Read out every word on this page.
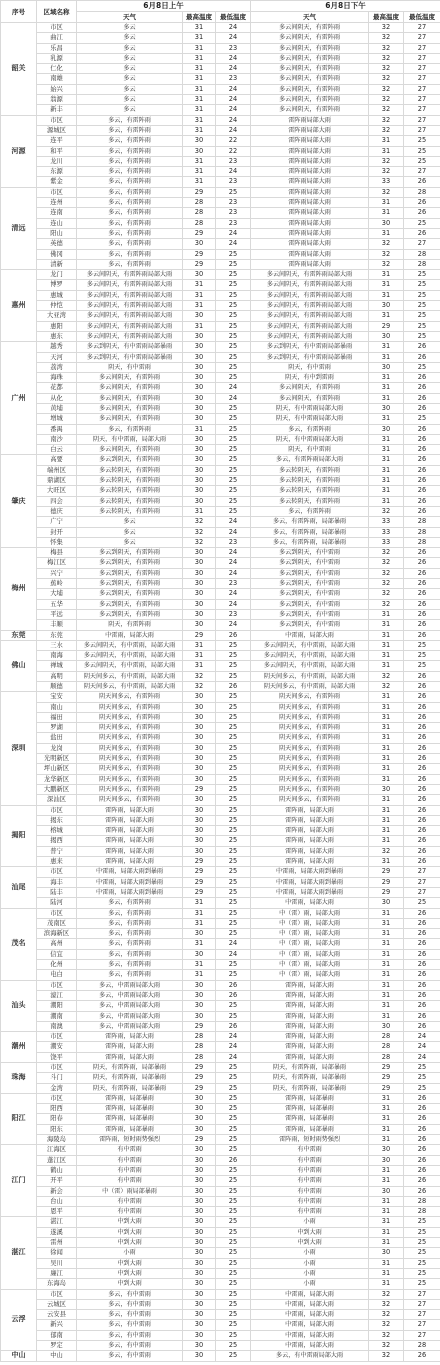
序号	区域名称	6月8日上午			6月8日下午		
		天气	最高温度	最低温度	天气	最高温度	最低温度
韶关	市区	多云	31	24	多云间阴天，有雷阵雨	32	27
	曲江	多云	31	24	多云间阴天，有雷阵雨	32	27
	乐昌	多云	31	23	多云间阴天，有雷阵雨	32	27
	乳源	多云	31	24	多云间阴天，有雷阵雨	32	27
	仁化	多云	31	24	多云间阴天，有雷阵雨	32	27
	南雄	多云	31	23	多云间阴天，有雷阵雨	32	27
	始兴	多云	31	24	多云间阴天，有雷阵雨	32	27
	翁源	多云	31	24	多云间阴天，有雷阵雨	32	27
	新丰	多云	31	24	多云间阴天，有雷阵雨	32	27
河源	市区	多云，有雷阵雨	31	24	雷阵雨局部大雨	32	27
	源城区	多云，有雷阵雨	31	24	雷阵雨局部大雨	32	27
	连平	多云，有雷阵雨	30	22	雷阵雨局部大雨	31	25
	和平	多云，有雷阵雨	30	22	雷阵雨局部大雨	31	25
	龙川	多云，有雷阵雨	31	23	雷阵雨局部大雨	32	25
	东源	多云，有雷阵雨	31	24	雷阵雨局部大雨	32	27
	紫金	多云，有雷阵雨	31	23	雷阵雨局部大雨	33	26
清远	市区	多云，有雷阵雨	29	25	雷阵雨局部大雨	32	28
	连州	多云，有雷阵雨	28	23	雷阵雨局部大雨	31	26
	连南	多云，有雷阵雨	28	23	雷阵雨局部大雨	31	26
	连山	多云，有雷阵雨	28	23	雷阵雨局部大雨	30	25
	阳山	多云，有雷阵雨	29	24	雷阵雨局部大雨	31	26
	英德	多云，有雷阵雨	30	24	雷阵雨局部大雨	32	27
	佛冈	多云，有雷阵雨	29	25	雷阵雨局部大雨	32	28
	清新	多云，有雷阵雨	29	25	雷阵雨局部大雨	32	28
惠州	龙门	多云间阴天，有雷阵雨局部大雨	30	25	多云间阴天，有雷阵雨局部大雨	31	25
	博罗	多云间阴天，有雷阵雨局部大雨	31	25	多云间阴天，有雷阵雨局部大雨	31	25
	惠城	多云间阴天，有雷阵雨局部大雨	31	25	多云间阴天，有雷阵雨局部大雨	31	25
	仲恺	多云间阴天，有雷阵雨局部大雨	31	25	多云间阴天，有雷阵雨局部大雨	30	25
	大亚湾	多云间阴天，有雷阵雨局部大雨	30	25	多云间阴天，有雷阵雨局部大雨	31	25
	惠阳	多云间阴天，有雷阵雨局部大雨	31	25	多云间阴天，有雷阵雨局部大雨	29	25
	惠东	多云间阴天，有雷阵雨局部大雨	30	25	多云间阴天，有雷阵雨局部大雨	30	25
广州	越秀	多云到阴天，有中雷雨局部暴雨	30	25	多云到阴天，有中雷雨局部暴雨	31	26
	天河	多云到阴天，有中雷雨局部暴雨	30	25	多云到阴天，有中雷雨局部暴雨	31	26
	荔湾	阴天，有中雷雨	30	25	阴天，有中雷雨	30	25
	海珠	多云间阴天，有雷阵雨	30	25	阴天，有中到雷雨	31	26
	花都	多云间阴天，有雷阵雨	30	24	多云间阴天，有雷阵雨	31	26
	从化	多云间阴天，有雷阵雨	30	24	多云间阴天，有雷阵雨	31	26
	黄埔	多云间阴天，有雷阵雨	30	25	阴天，有中雷雨局部大雨	30	26
	增城	多云间阴天，有雷阵雨	30	25	阴天，有中雷雨局部大雨	31	25
	番禺	多云，有雷阵雨	31	25	多云，有雷阵雨	30	26
	南沙	阴天，有中雷雨，局部大雨	30	25	阴天，有中雷雨局部大雨	31	26
	白云	多云间阴天，有雷阵雨	30	25	阴天，有中雷雨	31	26
肇庆	高要	多云到阴天，有雷阵雨	30	25	多云，有雷阵雨局部大雨	31	26
	端州区	多云转阴天，有雷阵雨	30	25	多云转阴天，有雷阵雨	31	26
	鼎湖区	多云转阴天，有雷阵雨	30	25	多云转阴天，有雷阵雨	31	26
	大旺区	多云转阴天，有雷阵雨	30	25	多云转阴天，有雷阵雨	31	26
	四会	多云转阴天，有雷阵雨	30	25	多云转阴天，有雷阵雨	31	26
	德庆	多云转阴天，有雷阵雨	31	25	多云，有雷阵雨	32	26
	广宁	多云	32	24	多云，有雷阵雨，局部暴雨	33	28
	封开	多云	32	24	多云，有雷阵雨，局部暴雨	33	28
	怀集	多云	32	23	多云，有雷阵雨，局部暴雨	33	28
梅州	梅县	多云到阴天，有雷阵雨	30	24	多云到阴天，有中雷雨	32	26
	梅江区	多云到阴天，有雷阵雨	30	24	多云到阴天，有中雷雨	32	26
	兴宁	多云到阴天，有雷阵雨	30	24	多云到阴天，有中雷雨	32	26
	蕉岭	多云到阴天，有雷阵雨	30	23	多云到阴天，有中雷雨	32	26
	大埔	多云到阴天，有雷阵雨	30	24	多云到阴天，有中雷雨	32	26
	五华	多云到阴天，有雷阵雨	30	24	多云到阴天，有中雷雨	32	26
	平远	多云到阴天，有雷阵雨	30	23	多云到阴天，有中雷雨	31	26
	丰顺	阴天，有雷阵雨	30	24	多云到阴天，有中雷雨	31	26
东莞	东莞	中雷雨，局部大雨	29	26	中雷雨，局部大雨	31	26
佛山	三水	多云间阴天，有中雷雨，局部大雨	31	25	多云间阴天，有中雷雨，局部大雨	31	25
	南海	多云间阴天，有中雷雨，局部大雨	31	25	多云间阴天，有中雷雨，局部大雨	31	25
	禅城	多云间阴天，有中雷雨，局部大雨	31	25	多云间阴天，有中雷雨，局部大雨	31	25
	高明	阴天间多云，有中雷雨，局部大雨	32	25	阴天间多云，有中雷雨，局部大雨	32	26
	顺德	阴天间多云，有中雷雨，局部大雨	32	26	阴天间多云，有中雷雨，局部大雨	32	26
深圳	宝安	阴天间多云，有雷阵雨	30	25	阴天间多云，有雷阵雨	31	26
	南山	阴天间多云，有雷阵雨	30	25	阴天间多云，有雷阵雨	31	26
	福田	阴天间多云，有雷阵雨	30	25	阴天间多云，有雷阵雨	31	26
	罗湖	阴天间多云，有雷阵雨	30	25	阴天间多云，有雷阵雨	31	26
	盐田	阴天间多云，有雷阵雨	30	25	阴天间多云，有雷阵雨	31	26
	龙岗	阴天间多云，有雷阵雨	30	25	阴天间多云，有雷阵雨	31	26
	光明新区	阴天间多云，有雷阵雨	30	25	阴天间多云，有雷阵雨	31	26
	坪山新区	阴天间多云，有雷阵雨	30	25	阴天间多云，有雷阵雨	31	26
	龙华新区	阴天间多云，有雷阵雨	30	25	阴天间多云，有雷阵雨	31	26
	大鹏新区	阴天间多云，有雷阵雨	29	25	阴天间多云，有雷阵雨	30	26
	深汕区	阴天间多云，有雷阵雨	30	25	阴天间多云，有雷阵雨	31	26
揭阳	市区	雷阵雨，局部大雨	30	25	雷阵雨，局部大雨	31	26
	揭东	雷阵雨，局部大雨	30	25	雷阵雨，局部大雨	31	26
	榕城	雷阵雨，局部大雨	30	25	雷阵雨，局部大雨	31	26
	揭西	雷阵雨，局部大雨	30	25	雷阵雨，局部大雨	31	26
	普宁	雷阵雨，局部大雨	30	25	雷阵雨，局部大雨	32	26
	惠来	雷阵雨，局部大雨	29	25	雷阵雨，局部大雨	31	26
汕尾	市区	中雷雨，局部大雨到暴雨	29	25	中雷雨，局部大雨到暴雨	29	27
	海丰	中雷雨，局部大雨到暴雨	29	25	中雷雨，局部大雨到暴雨	29	27
	陆丰	中雷雨，局部大雨到暴雨	29	25	中雷雨，局部大雨到暴雨	29	27
	陆河	多云，有雷阵雨	31	25	中雷雨，局部大雨	30	25
茂名	市区	多云，有雷阵雨	31	25	中（雷）雨，局部大雨	31	26
	茂南区	多云，有雷阵雨	31	25	中（雷）雨，局部大雨	31	26
	滨海新区	多云，有雷阵雨	30	25	中（雷）雨，局部大雨	31	26
	高州	多云，有雷阵雨	31	24	中（雷）雨，局部大雨	31	26
	信宜	多云，有雷阵雨	30	24	中（雷）雨，局部大雨	31	26
	化州	多云，有雷阵雨	31	25	中（雷）雨，局部大雨	31	26
	电白	多云，有雷阵雨	31	25	中（雷）雨，局部大雨	31	26
汕头	市区	多云，中雷雨局部大雨	30	26	雷阵雨，局部大雨	31	26
	濠江	多云，中雷雨局部大雨	30	26	雷阵雨，局部大雨	31	26
	潮阳	多云，中雷雨局部大雨	30	25	雷阵雨，局部大雨	31	26
	潮南	多云，中雷雨局部大雨	30	25	雷阵雨，局部大雨	31	26
	南澳	多云，中雷雨局部大雨	29	26	雷阵雨，局部大雨	30	26
潮州	市区	雷阵雨，局部大雨	28	24	雷阵雨，局部大雨	28	24
	潮安	雷阵雨，局部大雨	28	24	雷阵雨，局部大雨	28	24
	饶平	雷阵雨，局部大雨	28	24	雷阵雨，局部大雨	28	24
珠海	市区	阴天，有雷阵雨，局部暴雨	29	25	阴天，有雷阵雨，局部暴雨	29	25
	斗门	阴天，有雷阵雨，局部暴雨	29	25	阴天，有雷阵雨，局部暴雨	29	25
	金湾	阴天，有雷阵雨，局部暴雨	29	25	阴天，有雷阵雨，局部暴雨	29	25
阳江	市区	雷阵雨，局部暴雨	30	25	雷阵雨，局部暴雨	31	26
	阳西	雷阵雨，局部暴雨	30	25	雷阵雨，局部暴雨	31	26
	阳春	雷阵雨，局部暴雨	30	25	雷阵雨，局部暴雨	31	26
	阳东	雷阵雨，局部暴雨	30	25	雷阵雨，局部暴雨	31	26
	海陵岛	雷阵雨，短时雨势强烈	29	25	雷阵雨，短时雨势强烈	31	26
江门	江海区	有中雷雨	30	25	有中雷雨	30	26
	蓬江区	有中雷雨	30	26	有中雷雨	30	26
	鹤山	有中雷雨	30	25	有中雷雨	31	26
	开平	有中雷雨	30	25	有中雷雨	31	26
	新会	中（雷）雨局部暴雨	30	25	有中雷雨	30	26
	台山	有中雷雨	30	25	有中雷雨	31	28
	恩平	有中雷雨	30	25	有中雷雨	31	28
湛江	湛江	中到大雨	30	25	小雨	31	25
	遂溪	中到大雨	30	25	中到大雨	31	25
	雷州	中到大雨	30	25	中到大雨	31	25
	徐闻	小雨	30	25	小雨	30	25
	吴川	中到大雨	30	25	小雨	31	25
	廉江	中到大雨	30	25	小雨	31	25
	东海岛	中到大雨	30	25	小雨	31	25
云浮	市区	多云，有中雷雨	30	25	中雷雨，局部大雨	32	27
	云城区	多云，有中雷雨	30	25	中雷雨，局部大雨	32	27
	云安县	多云，有中雷雨	30	25	中雷雨，局部大雨	32	27
	新兴	多云，有中雷雨	30	25	中雷雨，局部大雨	32	27
	郁南	多云，有中雷雨	30	25	中雷雨，局部大雨	32	27
	罗定	多云，有中雷雨	30	25	中雷雨，局部大雨	32	28
中山	中山	多云，有中雷雨	30	25	多云，有中雷雨局部大雨	32	26
